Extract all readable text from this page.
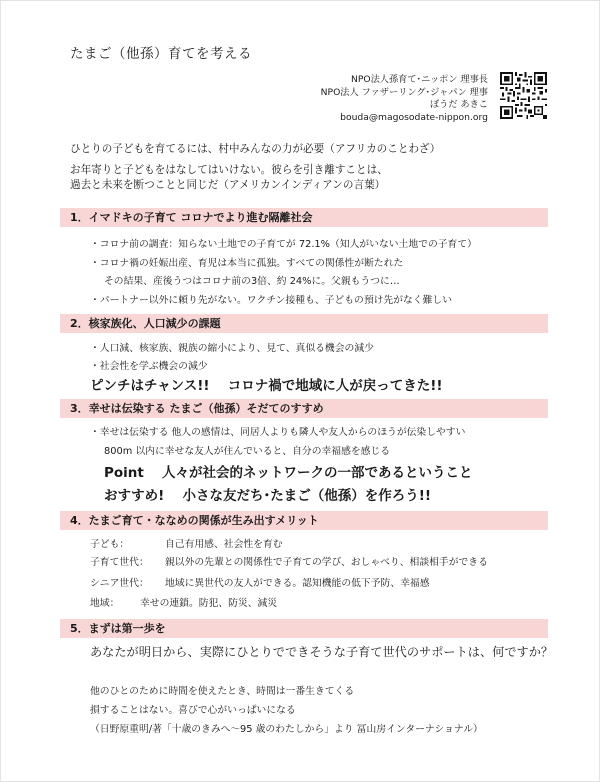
たまご（他孫）育てを考える
NPO法人孫育て･ニッポン 理事長
NPO法人 ファザーリング･ジャパン 理事
ぼうだ あきこ
bouda@magosodate-nippon.org
ひとりの子どもを育てるには、村中みんなの力が必要（アフリカのことわざ）
お年寄りと子どもをはなしてはいけない。彼らを引き離すことは、
過去と未来を断つことと同じだ（アメリカンインディアンの言葉）
1．イマドキの子育て コロナでより進む隔離社会
・コロナ前の調査：知らない土地での子育てが 72.1%（知人がいない土地での子育て）
・コロナ禍の妊娠出産、育児は本当に孤独。すべての関係性が断たれた
その結果、産後うつはコロナ前の3倍、約 24%に。父親もうつに…
・パートナー以外に頼り先がない。ワクチン接種も、子どもの預け先がなく難しい
2．核家族化、人口減少の課題
・人口減、核家族、親族の縮小により、見て、真似る機会の減少
・社会性を学ぶ機会の減少
ピンチはチャンス!!　 コロナ禍で地域に人が戻ってきた!!
3．幸せは伝染する たまご（他孫）そだてのすすめ
・幸せは伝染する 他人の感情は、同居人よりも隣人や友人からのほうが伝染しやすい
800m 以内に幸せな友人が住んでいると、自分の幸福感を感じる
Point　 人々が社会的ネットワークの一部であるということ
おすすめ!　 小さな友だち･たまご（他孫）を作ろう!!
4．たまご育て・ななめの関係が生み出すメリット
子ども：	自己有用感、社会性を育む
子育て世代： 親以外の先輩との関係性で子育ての学び、おしゃべり、相談相手ができる
シニア世代： 地域に異世代の友人ができる。認知機能の低下予防、幸福感
地域： 幸せの連鎖。防犯、防災、減災
5．まずは第一歩を
あなたが明日から、実際にひとりでできそうな子育て世代のサポートは、何ですか？
他のひとのために時間を使えたとき、時間は一番生きてくる
損することはない。喜びで心がいっぱいになる
（日野原重明/著「十歳のきみへ～95 歳のわたしから」より 冨山房インターナショナル）
